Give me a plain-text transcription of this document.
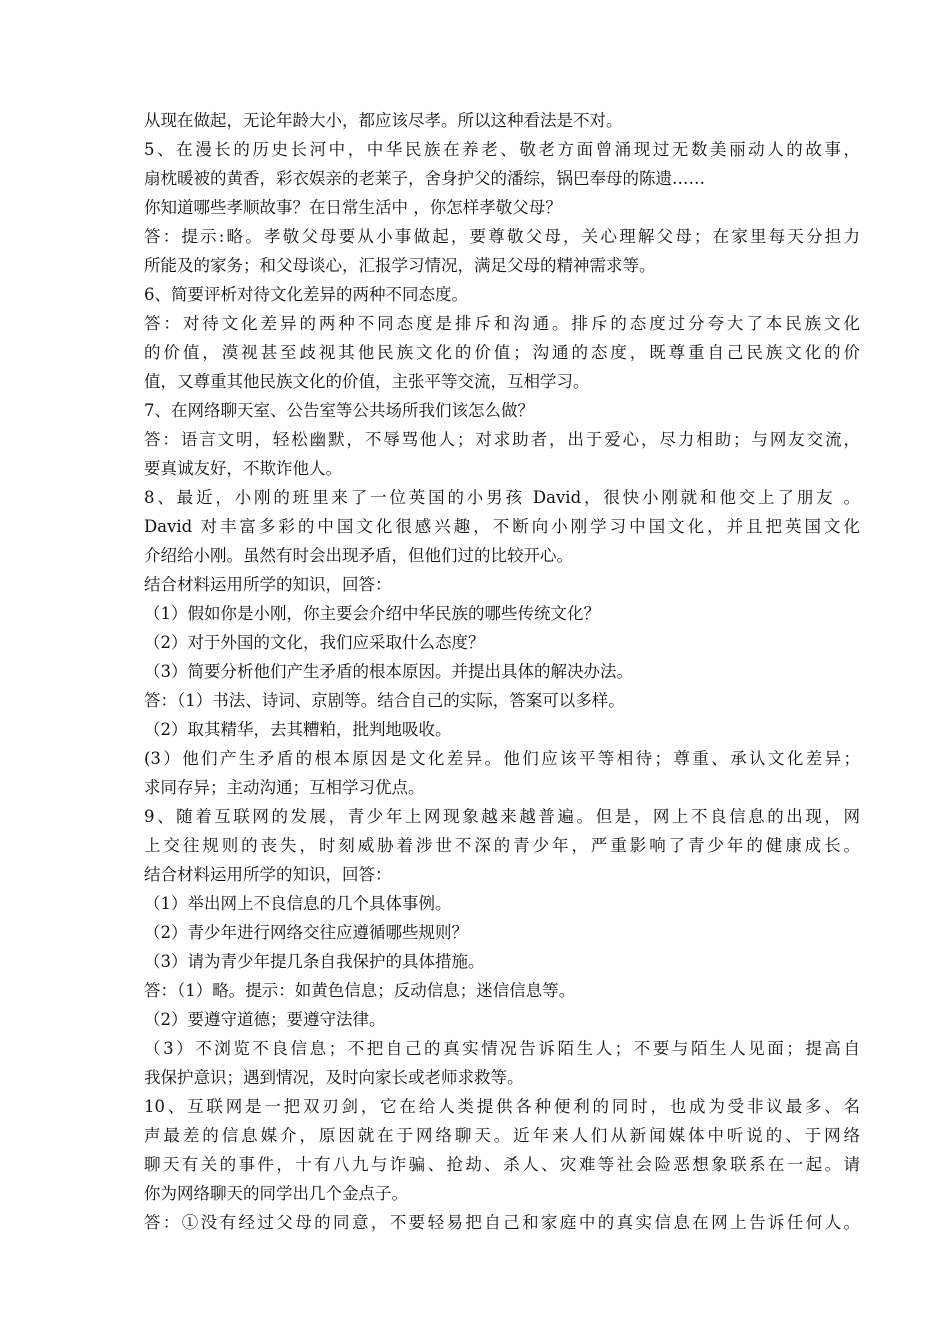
从现在做起，无论年龄大小，都应该尽孝。所以这种看法是不对。
5、在漫长的历史长河中，中华民族在养老、敬老方面曾涌现过无数美丽动人的故事，
扇枕暖被的黄香，彩衣娱亲的老莱子，舍身护父的潘综，锅巴奉母的陈遗……
你知道哪些孝顺故事？在日常生活中 ，你怎样孝敬父母？
答：提示:略。孝敬父母要从小事做起，要尊敬父母，关心理解父母；在家里每天分担力
所能及的家务；和父母谈心，汇报学习情况，满足父母的精神需求等。
6、简要评析对待文化差异的两种不同态度。
答：对待文化差异的两种不同态度是排斥和沟通。排斥的态度过分夸大了本民族文化
的价值，漠视甚至歧视其他民族文化的价值；沟通的态度，既尊重自己民族文化的价
值，又尊重其他民族文化的价值，主张平等交流，互相学习。
7、在网络聊天室、公告室等公共场所我们该怎么做？
答：语言文明，轻松幽默，不辱骂他人；对求助者，出于爱心，尽力相助；与网友交流，
要真诚友好，不欺诈他人。
8、最近，小刚的班里来了一位英国的小男孩 David，很快小刚就和他交上了朋友 。
David 对丰富多彩的中国文化很感兴趣，不断向小刚学习中国文化，并且把英国文化
介绍给小刚。虽然有时会出现矛盾，但他们过的比较开心。
结合材料运用所学的知识，回答：
（1）假如你是小刚，你主要会介绍中华民族的哪些传统文化？
（2）对于外国的文化，我们应采取什么态度？
（3）简要分析他们产生矛盾的根本原因。并提出具体的解决办法。
答：（1）书法、诗词、京剧等。结合自己的实际，答案可以多样。
（2）取其精华，去其糟粕，批判地吸收。
(3）他们产生矛盾的根本原因是文化差异。他们应该平等相待；尊重、承认文化差异；
求同存异；主动沟通；互相学习优点。
9、随着互联网的发展，青少年上网现象越来越普遍。但是，网上不良信息的出现，网
上交往规则的丧失，时刻威胁着涉世不深的青少年，严重影响了青少年的健康成长。
结合材料运用所学的知识，回答：
（1）举出网上不良信息的几个具体事例。
（2）青少年进行网络交往应遵循哪些规则？
（3）请为青少年提几条自我保护的具体措施。
答：（1）略。提示：如黄色信息；反动信息；迷信信息等。
（2）要遵守道德；要遵守法律。
（3）不浏览不良信息；不把自己的真实情况告诉陌生人；不要与陌生人见面；提高自
我保护意识；遇到情况，及时向家长或老师求救等。
10、互联网是一把双刃剑，它在给人类提供各种便利的同时，也成为受非议最多、名
声最差的信息媒介，原因就在于网络聊天。近年来人们从新闻媒体中听说的、于网络
聊天有关的事件，十有八九与诈骗、抢劫、杀人、灾难等社会险恶想象联系在一起。请
你为网络聊天的同学出几个金点子。
答：①没有经过父母的同意，不要轻易把自己和家庭中的真实信息在网上告诉任何人。
